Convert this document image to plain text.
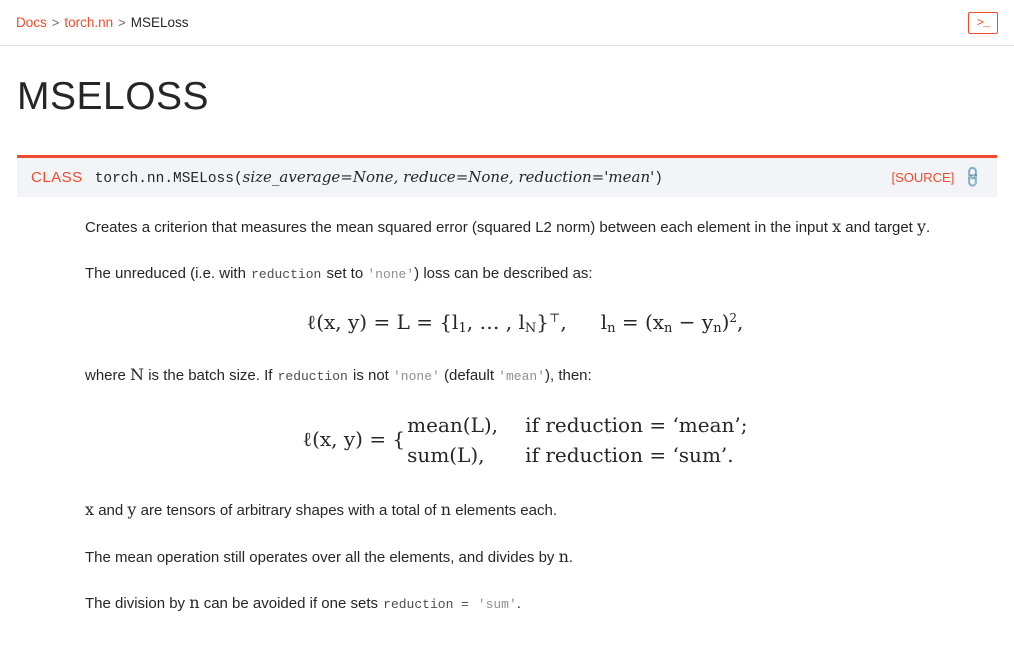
Docs > torch.nn > MSELoss	>_
MSELOSS
CLASS torch.nn.MSELoss(size_average=None, reduce=None, reduction='mean')	[SOURCE] 🔗

Creates a criterion that measures the mean squared error (squared L2 norm) between each element in the input x and target y.

The unreduced (i.e. with reduction set to 'none') loss can be described as:

ℓ(x, $y) = L = \{l_1$, … , $l_N\}^⊤$, $l_n = (x_n - y_n)^2$,

where N is the batch size. If reduction is not 'none' (default 'mean'), then:

ℓ(x, y) = {
mean(L),	if reduction = ‘mean’;
sum(L),	if reduction = ‘sum’.

x and y are tensors of arbitrary shapes with a total of n elements each.

The mean operation still operates over all the elements, and divides by n.

The division by n can be avoided if one sets reduction = 'sum'.
